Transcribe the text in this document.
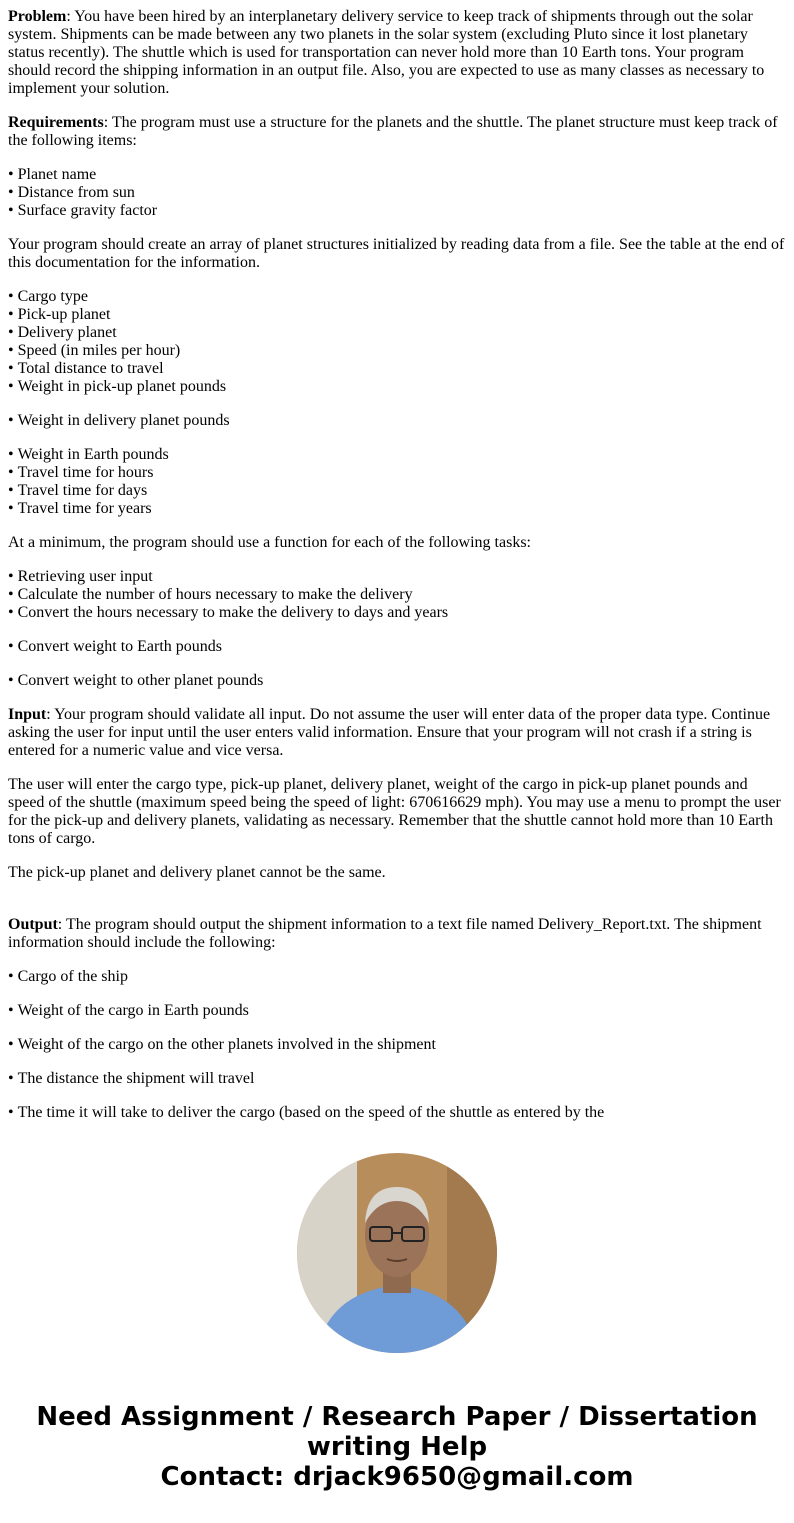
Problem: You have been hired by an interplanetary delivery service to keep track of shipments through out the solar system. Shipments can be made between any two planets in the solar system (excluding Pluto since it lost planetary status recently). The shuttle which is used for transportation can never hold more than 10 Earth tons. Your program should record the shipping information in an output file. Also, you are expected to use as many classes as necessary to implement your solution.

Requirements: The program must use a structure for the planets and the shuttle. The planet structure must keep track of the following items:

• Planet name
• Distance from sun
• Surface gravity factor

Your program should create an array of planet structures initialized by reading data from a file. See the table at the end of this documentation for the information.

• Cargo type
• Pick-up planet
• Delivery planet
• Speed (in miles per hour)
• Total distance to travel
• Weight in pick-up planet pounds
• Weight in delivery planet pounds
• Weight in Earth pounds
• Travel time for hours
• Travel time for days
• Travel time for years

At a minimum, the program should use a function for each of the following tasks:

• Retrieving user input
• Calculate the number of hours necessary to make the delivery
• Convert the hours necessary to make the delivery to days and years
• Convert weight to Earth pounds
• Convert weight to other planet pounds

Input: Your program should validate all input. Do not assume the user will enter data of the proper data type. Continue asking the user for input until the user enters valid information. Ensure that your program will not crash if a string is entered for a numeric value and vice versa.

The user will enter the cargo type, pick-up planet, delivery planet, weight of the cargo in pick-up planet pounds and speed of the shuttle (maximum speed being the speed of light: 670616629 mph). You may use a menu to prompt the user for the pick-up and delivery planets, validating as necessary. Remember that the shuttle cannot hold more than 10 Earth tons of cargo.

The pick-up planet and delivery planet cannot be the same.

Output: The program should output the shipment information to a text file named Delivery_Report.txt. The shipment information should include the following:

• Cargo of the ship
• Weight of the cargo in Earth pounds
• Weight of the cargo on the other planets involved in the shipment
• The distance the shipment will travel
• The time it will take to deliver the cargo (based on the speed of the shuttle as entered by the
Need Assignment / Research Paper / Dissertation
writing Help
Contact: drjack9650@gmail.com
